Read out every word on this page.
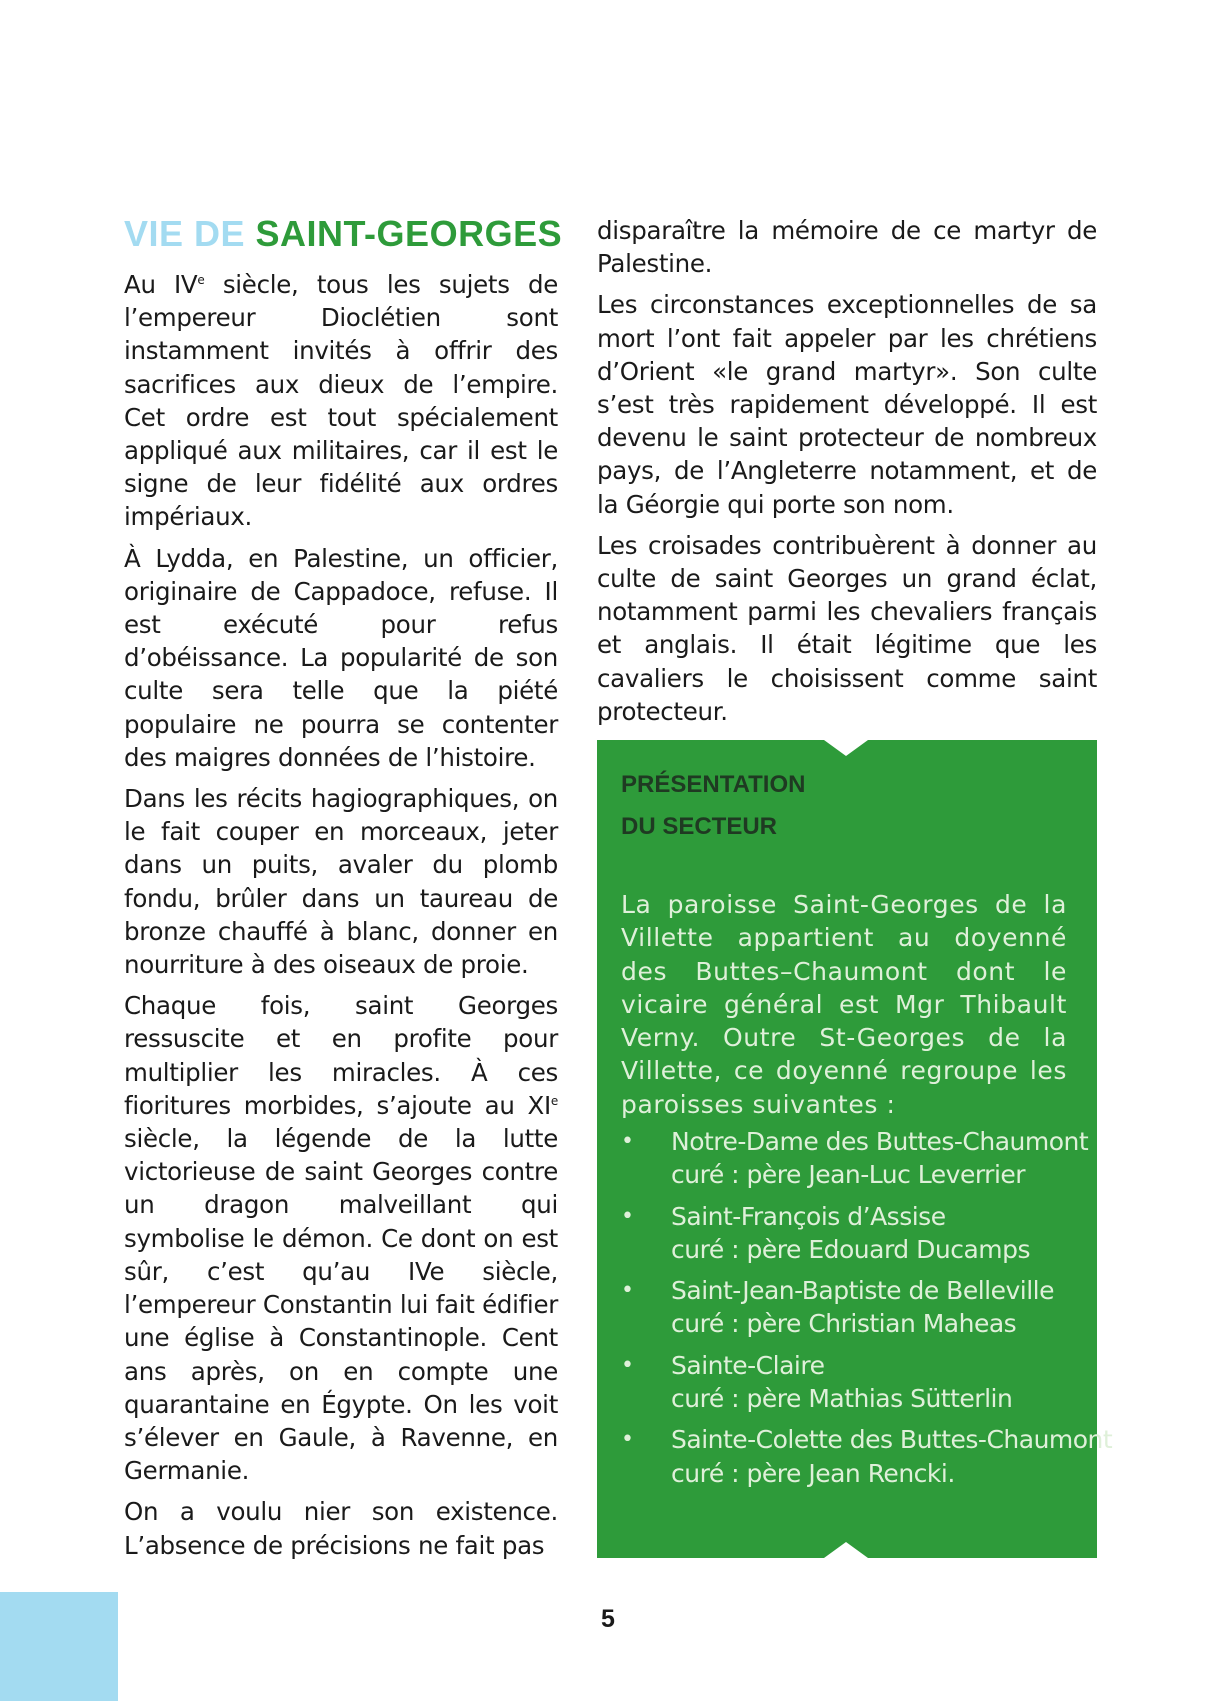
VIE DE SAINT-GEORGES

Au IVe siècle, tous les sujets de l’empereur Dioclétien sont instamment invités à offrir des sacrifices aux dieux de l’empire. Cet ordre est tout spécialement appliqué aux militaires, car il est le signe de leur fidélité aux ordres impériaux.

À Lydda, en Palestine, un officier, originaire de Cappadoce, refuse. Il est exécuté pour refus d’obéissance. La popularité de son culte sera telle que la piété populaire ne pourra se contenter des maigres données de l’histoire.

Dans les récits hagiographiques, on le fait couper en morceaux, jeter dans un puits, avaler du plomb fondu, brûler dans un taureau de bronze chauffé à blanc, donner en nourriture à des oiseaux de proie.

Chaque fois, saint Georges ressuscite et en profite pour multiplier les miracles. À ces fioritures morbides, s’ajoute au XIe siècle, la légende de la lutte victorieuse de saint Georges contre un dragon malveillant qui symbolise le démon. Ce dont on est sûr, c’est qu’au IVe siècle, l’empereur Constantin lui fait édifier une église à Constantinople. Cent ans après, on en compte une quarantaine en Égypte. On les voit s’élever en Gaule, à Ravenne, en Germanie.

On a voulu nier son existence. L’absence de précisions ne fait pas

disparaître la mémoire de ce martyr de Palestine.

Les circonstances exceptionnelles de sa mort l’ont fait appeler par les chrétiens d’Orient «le grand martyr». Son culte s’est très rapidement développé. Il est devenu le saint protecteur de nombreux pays, de l’Angleterre notamment, et de la Géorgie qui porte son nom.

Les croisades contribuèrent à donner au culte de saint Georges un grand éclat, notamment parmi les chevaliers français et anglais. Il était légitime que les cavaliers le choisissent comme saint protecteur.

PRÉSENTATION
DU SECTEUR

La paroisse Saint-Georges de la Villette appartient au doyenné des Buttes–Chaumont dont le vicaire général est Mgr Thibault Verny. Outre St-Georges de la Villette, ce doyenné regroupe les paroisses suivantes :

• Notre-Dame des Buttes-Chaumont
curé : père Jean-Luc Leverrier
• Saint-François d’Assise
curé : père Edouard Ducamps
• Saint-Jean-Baptiste de Belleville
curé : père Christian Maheas
• Sainte-Claire
curé : père Mathias Sütterlin
• Sainte-Colette des Buttes-Chaumont
curé : père Jean Rencki.
5
